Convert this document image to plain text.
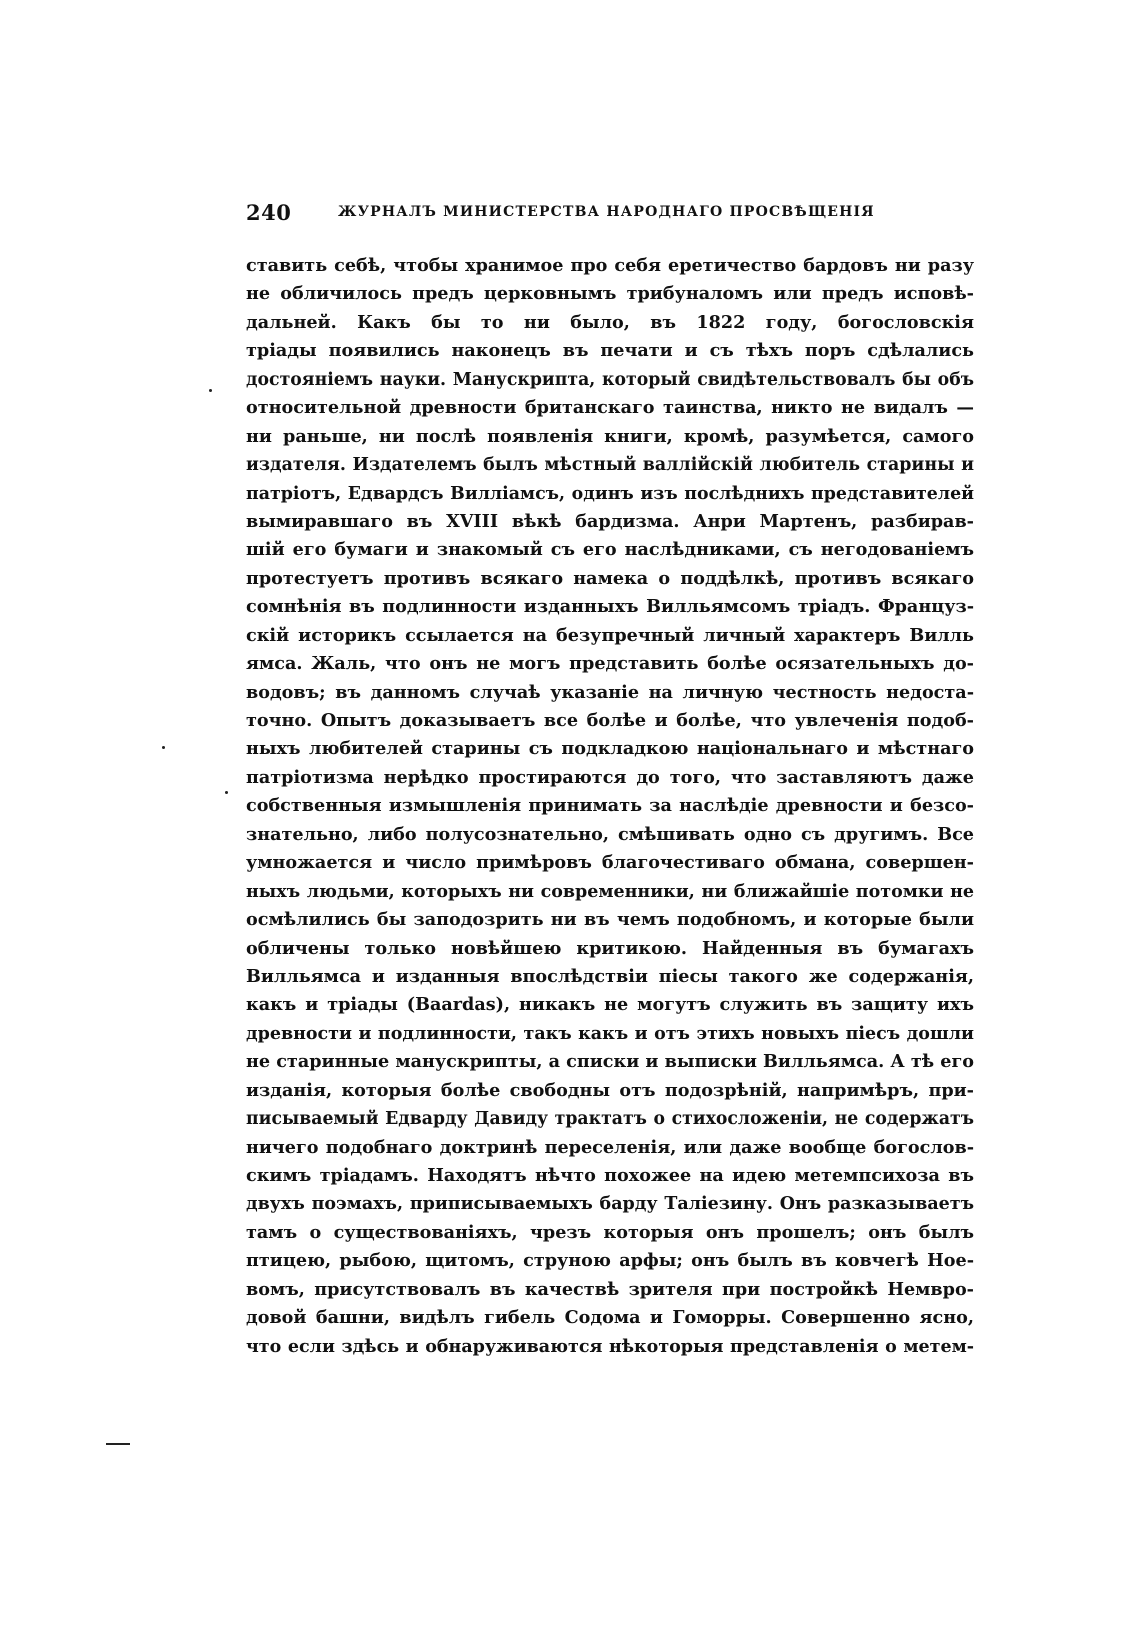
240	ЖУРНАЛЪ МИНИСТЕРСТВА НАРОДНАГО ПРОСВѢЩЕНІЯ
ставить себѣ, чтобы хранимое про себя еретичество бардовъ ни разу
не обличилось предъ церковнымъ трибуналомъ или предъ исповѣ-
дальней. Какъ бы то ни было, въ 1822 году, богословскія
тріады появились наконецъ въ печати и съ тѣхъ поръ сдѣлались
достояніемъ науки. Манускрипта, который свидѣтельствовалъ бы объ
относительной древности британскаго таинства, никто не видалъ —
ни раньше, ни послѣ появленія книги, кромѣ, разумѣется, самого
издателя. Издателемъ былъ мѣстный валлійскій любитель старины и
патріотъ, Едвардсъ Вилліамсъ, одинъ изъ послѣднихъ представителей
вымиравшаго въ XVIII вѣкѣ бардизма. Анри Мартенъ, разбирав-
шій его бумаги и знакомый съ его наслѣдниками, съ негодованіемъ
протестуетъ противъ всякаго намека о поддѣлкѣ, противъ всякаго
сомнѣнія въ подлинности изданныхъ Вилльямсомъ тріадъ. Француз-
скій историкъ ссылается на безупречный личный характеръ Вилль
ямса. Жаль, что онъ не могъ представить болѣе осязательныхъ до-
водовъ; въ данномъ случаѣ указаніе на личную честность недоста-
точно. Опытъ доказываетъ все болѣе и болѣе, что увлеченія подоб-
ныхъ любителей старины съ подкладкою національнаго и мѣстнаго
патріотизма нерѣдко простираются до того, что заставляютъ даже
собственныя измышленія принимать за наслѣдіе древности и безсо-
знательно, либо полусознательно, смѣшивать одно съ другимъ. Все
умножается и число примѣровъ благочестиваго обмана, совершен-
ныхъ людьми, которыхъ ни современники, ни ближайшіе потомки не
осмѣлились бы заподозрить ни въ чемъ подобномъ, и которые были
обличены только новѣйшею критикою. Найденныя въ бумагахъ
Вилльямса и изданныя впослѣдствіи піесы такого же содержанія,
какъ и тріады (Baardas), никакъ не могутъ служить въ защиту ихъ
древности и подлинности, такъ какъ и отъ этихъ новыхъ піесъ дошли
не старинные манускрипты, а списки и выписки Вилльямса. А тѣ его
изданія, которыя болѣе свободны отъ подозрѣній, напримѣръ, при-
писываемый Едварду Давиду трактатъ о стихосложеніи, не содержатъ
ничего подобнаго доктринѣ переселенія, или даже вообще богослов-
скимъ тріадамъ. Находятъ нѣчто похожее на идею метемпсихоза въ
двухъ поэмахъ, приписываемыхъ барду Таліезину. Онъ разказываетъ
тамъ о существованіяхъ, чрезъ которыя онъ прошелъ; онъ былъ
птицею, рыбою, щитомъ, струною арфы; онъ былъ въ ковчегѣ Ное-
вомъ, присутствовалъ въ качествѣ зрителя при постройкѣ Немвро-
довой башни, видѣлъ гибель Содома и Гоморры. Совершенно ясно,
что если здѣсь и обнаруживаются нѣкоторыя представленія о метем-
